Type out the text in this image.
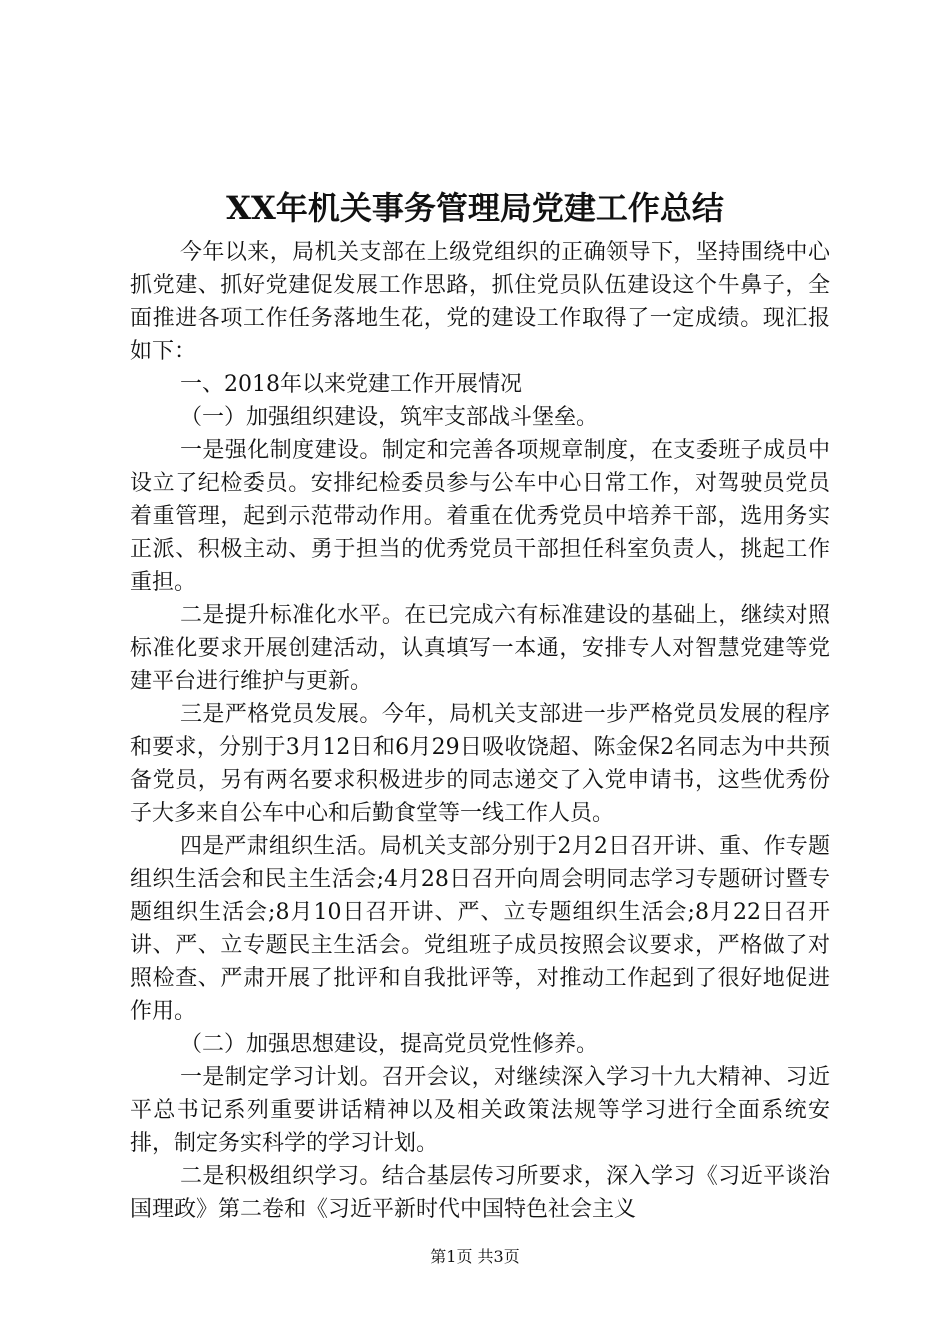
XX年机关事务管理局党建工作总结

今年以来，局机关支部在上级党组织的正确领导下，坚持围绕中心抓党建、抓好党建促发展工作思路，抓住党员队伍建设这个牛鼻子，全面推进各项工作任务落地生花，党的建设工作取得了一定成绩。现汇报如下：

一、2018年以来党建工作开展情况

（一）加强组织建设，筑牢支部战斗堡垒。

一是强化制度建设。制定和完善各项规章制度，在支委班子成员中设立了纪检委员。安排纪检委员参与公车中心日常工作，对驾驶员党员着重管理，起到示范带动作用。着重在优秀党员中培养干部，选用务实正派、积极主动、勇于担当的优秀党员干部担任科室负责人，挑起工作重担。

二是提升标准化水平。在已完成六有标准建设的基础上，继续对照标准化要求开展创建活动，认真填写一本通，安排专人对智慧党建等党建平台进行维护与更新。

三是严格党员发展。今年，局机关支部进一步严格党员发展的程序和要求，分别于3月12日和6月29日吸收饶超、陈金保2名同志为中共预备党员，另有两名要求积极进步的同志递交了入党申请书，这些优秀份子大多来自公车中心和后勤食堂等一线工作人员。

四是严肃组织生活。局机关支部分别于2月2日召开讲、重、作专题组织生活会和民主生活会;4月28日召开向周会明同志学习专题研讨暨专题组织生活会;8月10日召开讲、严、立专题组织生活会;8月22日召开讲、严、立专题民主生活会。党组班子成员按照会议要求，严格做了对照检查、严肃开展了批评和自我批评等，对推动工作起到了很好地促进作用。

（二）加强思想建设，提高党员党性修养。

一是制定学习计划。召开会议，对继续深入学习十九大精神、习近平总书记系列重要讲话精神以及相关政策法规等学习进行全面系统安排，制定务实科学的学习计划。

二是积极组织学习。结合基层传习所要求，深入学习《习近平谈治国理政》第二卷和《习近平新时代中国特色社会主义

第1页 共3页
